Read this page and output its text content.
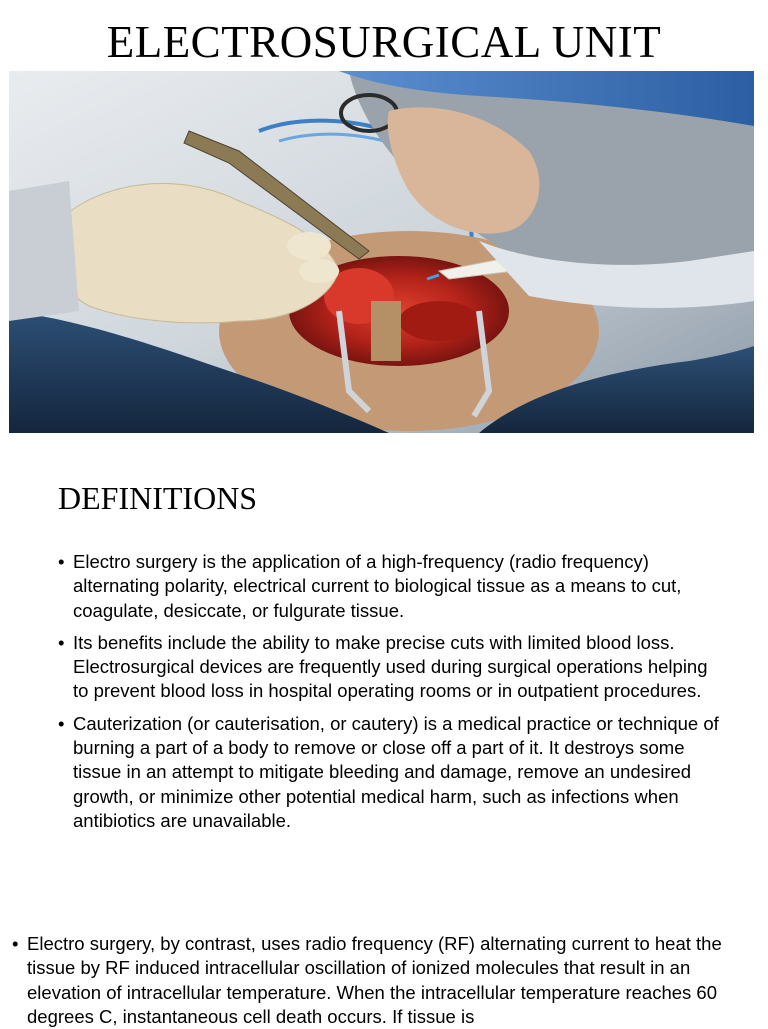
ELECTROSURGICAL UNIT
DEFINITIONS
• Electro surgery is the application of a high-frequency (radio frequency) alternating polarity, electrical current to biological tissue as a means to cut, coagulate, desiccate, or fulgurate tissue.
• Its benefits include the ability to make precise cuts with limited blood loss. Electrosurgical devices are frequently used during surgical operations helping to prevent blood loss in hospital operating rooms or in outpatient procedures.
• Cauterization (or cauterisation, or cautery) is a medical practice or technique of burning a part of a body to remove or close off a part of it. It destroys some tissue in an attempt to mitigate bleeding and damage, remove an undesired growth, or minimize other potential medical harm, such as infections when antibiotics are unavailable.
• Electro surgery, by contrast, uses radio frequency (RF) alternating current to heat the tissue by RF induced intracellular oscillation of ionized molecules that result in an elevation of intracellular temperature. When the intracellular temperature reaches 60 degrees C, instantaneous cell death occurs. If tissue is
